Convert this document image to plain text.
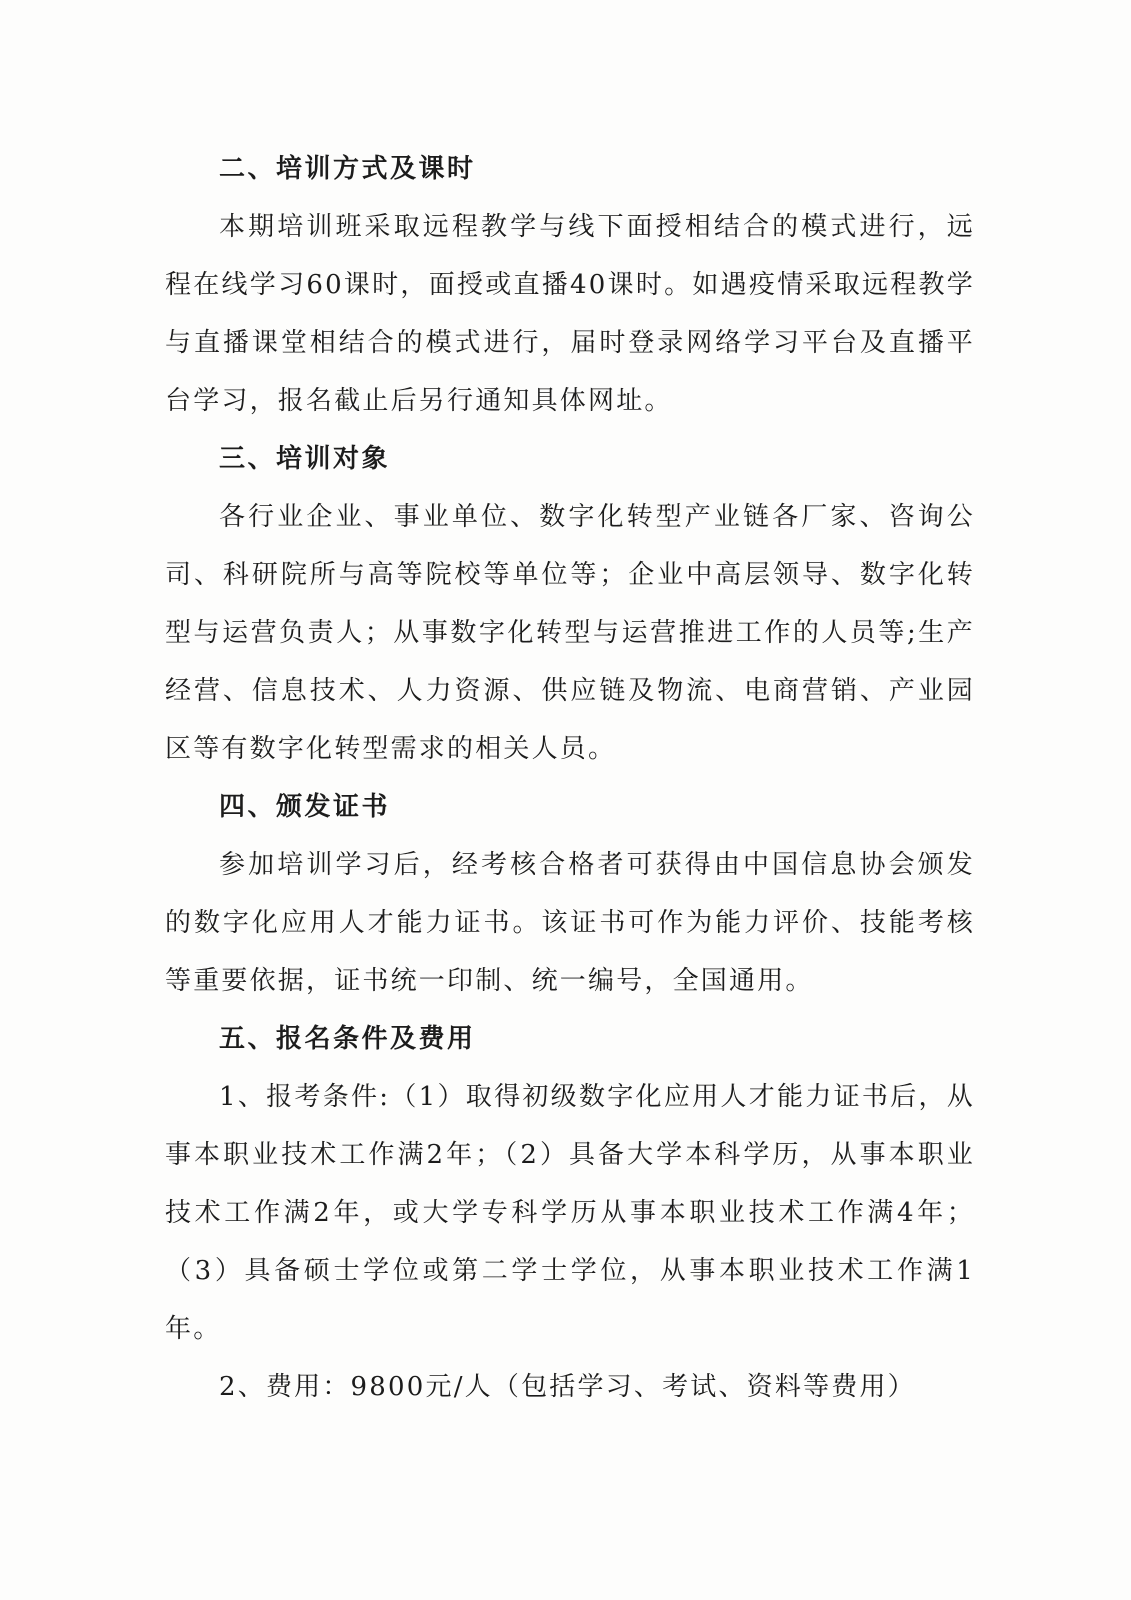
二、培训方式及课时

本期培训班采取远程教学与线下面授相结合的模式进行，远程在线学习60课时，面授或直播40课时。如遇疫情采取远程教学与直播课堂相结合的模式进行，届时登录网络学习平台及直播平台学习，报名截止后另行通知具体网址。

三、培训对象

各行业企业、事业单位、数字化转型产业链各厂家、咨询公司、科研院所与高等院校等单位等；企业中高层领导、数字化转型与运营负责人；从事数字化转型与运营推进工作的人员等;生产经营、信息技术、人力资源、供应链及物流、电商营销、产业园区等有数字化转型需求的相关人员。

四、颁发证书

参加培训学习后，经考核合格者可获得由中国信息协会颁发的数字化应用人才能力证书。该证书可作为能力评价、技能考核等重要依据，证书统一印制、统一编号，全国通用。

五、报名条件及费用

1、报考条件:（1）取得初级数字化应用人才能力证书后，从事本职业技术工作满2年；（2）具备大学本科学历，从事本职业技术工作满2年，或大学专科学历从事本职业技术工作满4年；（3）具备硕士学位或第二学士学位，从事本职业技术工作满1年。

2、费用：9800元/人（包括学习、考试、资料等费用）
